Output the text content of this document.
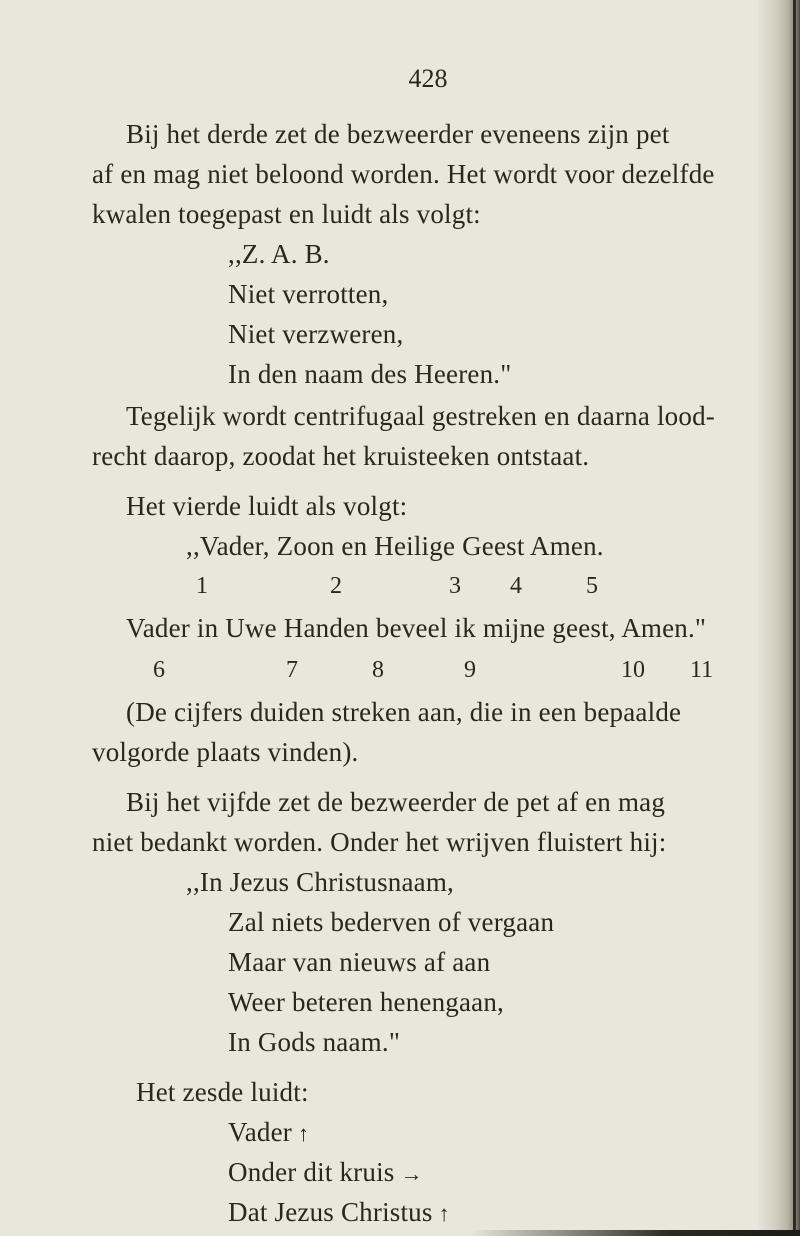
428

Bij het derde zet de bezweerder eveneens zijn pet

af en mag niet beloond worden. Het wordt voor dezelfde

kwalen toegepast en luidt als volgt:

,,Z. A. B.

Niet verrotten,

Niet verzweren,

In den naam des Heeren."

Tegelijk wordt centrifugaal gestreken en daarna lood-

recht daarop, zoodat het kruisteeken ontstaat.

Het vierde luidt als volgt:

,,Vader, Zoon en Heilige Geest Amen.

1	2	3 4	5

Vader in Uwe Handen beveel ik mijne geest, Amen."

6	7	8	9	10 11

(De cijfers duiden streken aan, die in een bepaalde

volgorde plaats vinden).

Bij het vijfde zet de bezweerder de pet af en mag

niet bedankt worden. Onder het wrijven fluistert hij:

,,In Jezus Christusnaam,

Zal niets bederven of vergaan

Maar van nieuws af aan

Weer beteren henengaan,

In Gods naam."

Het zesde luidt:

Vader ↑

Onder dit kruis →

Dat Jezus Christus ↑
